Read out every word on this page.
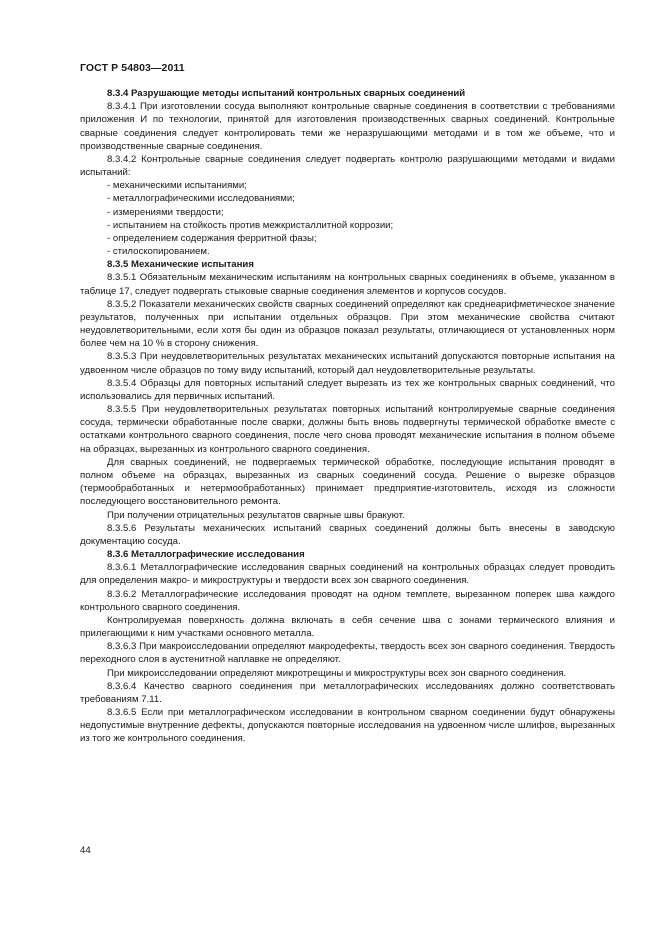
ГОСТ Р 54803—2011

8.3.4 Разрушающие методы испытаний контрольных сварных соединений

8.3.4.1 При изготовлении сосуда выполняют контрольные сварные соединения в соответствии с требованиями приложения И по технологии, принятой для изготовления производственных сварных соединений. Контрольные сварные соединения следует контролировать теми же неразрушающими методами и в том же объеме, что и производственные сварные соединения.

8.3.4.2 Контрольные сварные соединения следует подвергать контролю разрушающими методами и видами испытаний:

- механическими испытаниями;

- металлографическими исследованиями;

- измерениями твердости;

- испытанием на стойкость против межкристаллитной коррозии;

- определением содержания ферритной фазы;

- стилоскопированием.

8.3.5 Механические испытания

8.3.5.1 Обязательным механическим испытаниям на контрольных сварных соединениях в объеме, указанном в таблице 17, следует подвергать стыковые сварные соединения элементов и корпусов сосудов.

8.3.5.2 Показатели механических свойств сварных соединений определяют как среднеарифметическое значение результатов, полученных при испытании отдельных образцов. При этом механические свойства считают неудовлетворительными, если хотя бы один из образцов показал результаты, отличающиеся от установленных норм более чем на 10 % в сторону снижения.

8.3.5.3 При неудовлетворительных результатах механических испытаний допускаются повторные испытания на удвоенном числе образцов по тому виду испытаний, который дал неудовлетворительные результаты.

8.3.5.4 Образцы для повторных испытаний следует вырезать из тех же контрольных сварных соединений, что использовались для первичных испытаний.

8.3.5.5 При неудовлетворительных результатах повторных испытаний контролируемые сварные соединения сосуда, термически обработанные после сварки, должны быть вновь подвергнуты термической обработке вместе с остатками контрольного сварного соединения, после чего снова проводят механические испытания в полном объеме на образцах, вырезанных из контрольного сварного соединения.

Для сварных соединений, не подвергаемых термической обработке, последующие испытания проводят в полном объеме на образцах, вырезанных из сварных соединений сосуда. Решение о вырезке образцов (термообработанных и нетермообработанных) принимает предприятие-изготовитель, исходя из сложности последующего восстановительного ремонта.

При получении отрицательных результатов сварные швы бракуют.

8.3.5.6 Результаты механических испытаний сварных соединений должны быть внесены в заводскую документацию сосуда.

8.3.6 Металлографические исследования

8.3.6.1 Металлографические исследования сварных соединений на контрольных образцах следует проводить для определения макро- и микроструктуры и твердости всех зон сварного соединения.

8.3.6.2 Металлографические исследования проводят на одном темплете, вырезанном поперек шва каждого контрольного сварного соединения.

Контролируемая поверхность должна включать в себя сечение шва с зонами термического влияния и прилегающими к ним участками основного металла.

8.3.6.3 При макроисследовании определяют макродефекты, твердость всех зон сварного соединения. Твердость переходного слоя в аустенитной наплавке не определяют.

При микроисследовании определяют микротрещины и микроструктуры всех зон сварного соединения.

8.3.6.4 Качество сварного соединения при металлографических исследованиях должно соответствовать требованиям 7.11.

8.3.6.5 Если при металлографическом исследовании в контрольном сварном соединении будут обнаружены недопустимые внутренние дефекты, допускаются повторные исследования на удвоенном числе шлифов, вырезанных из того же контрольного соединения.

44
